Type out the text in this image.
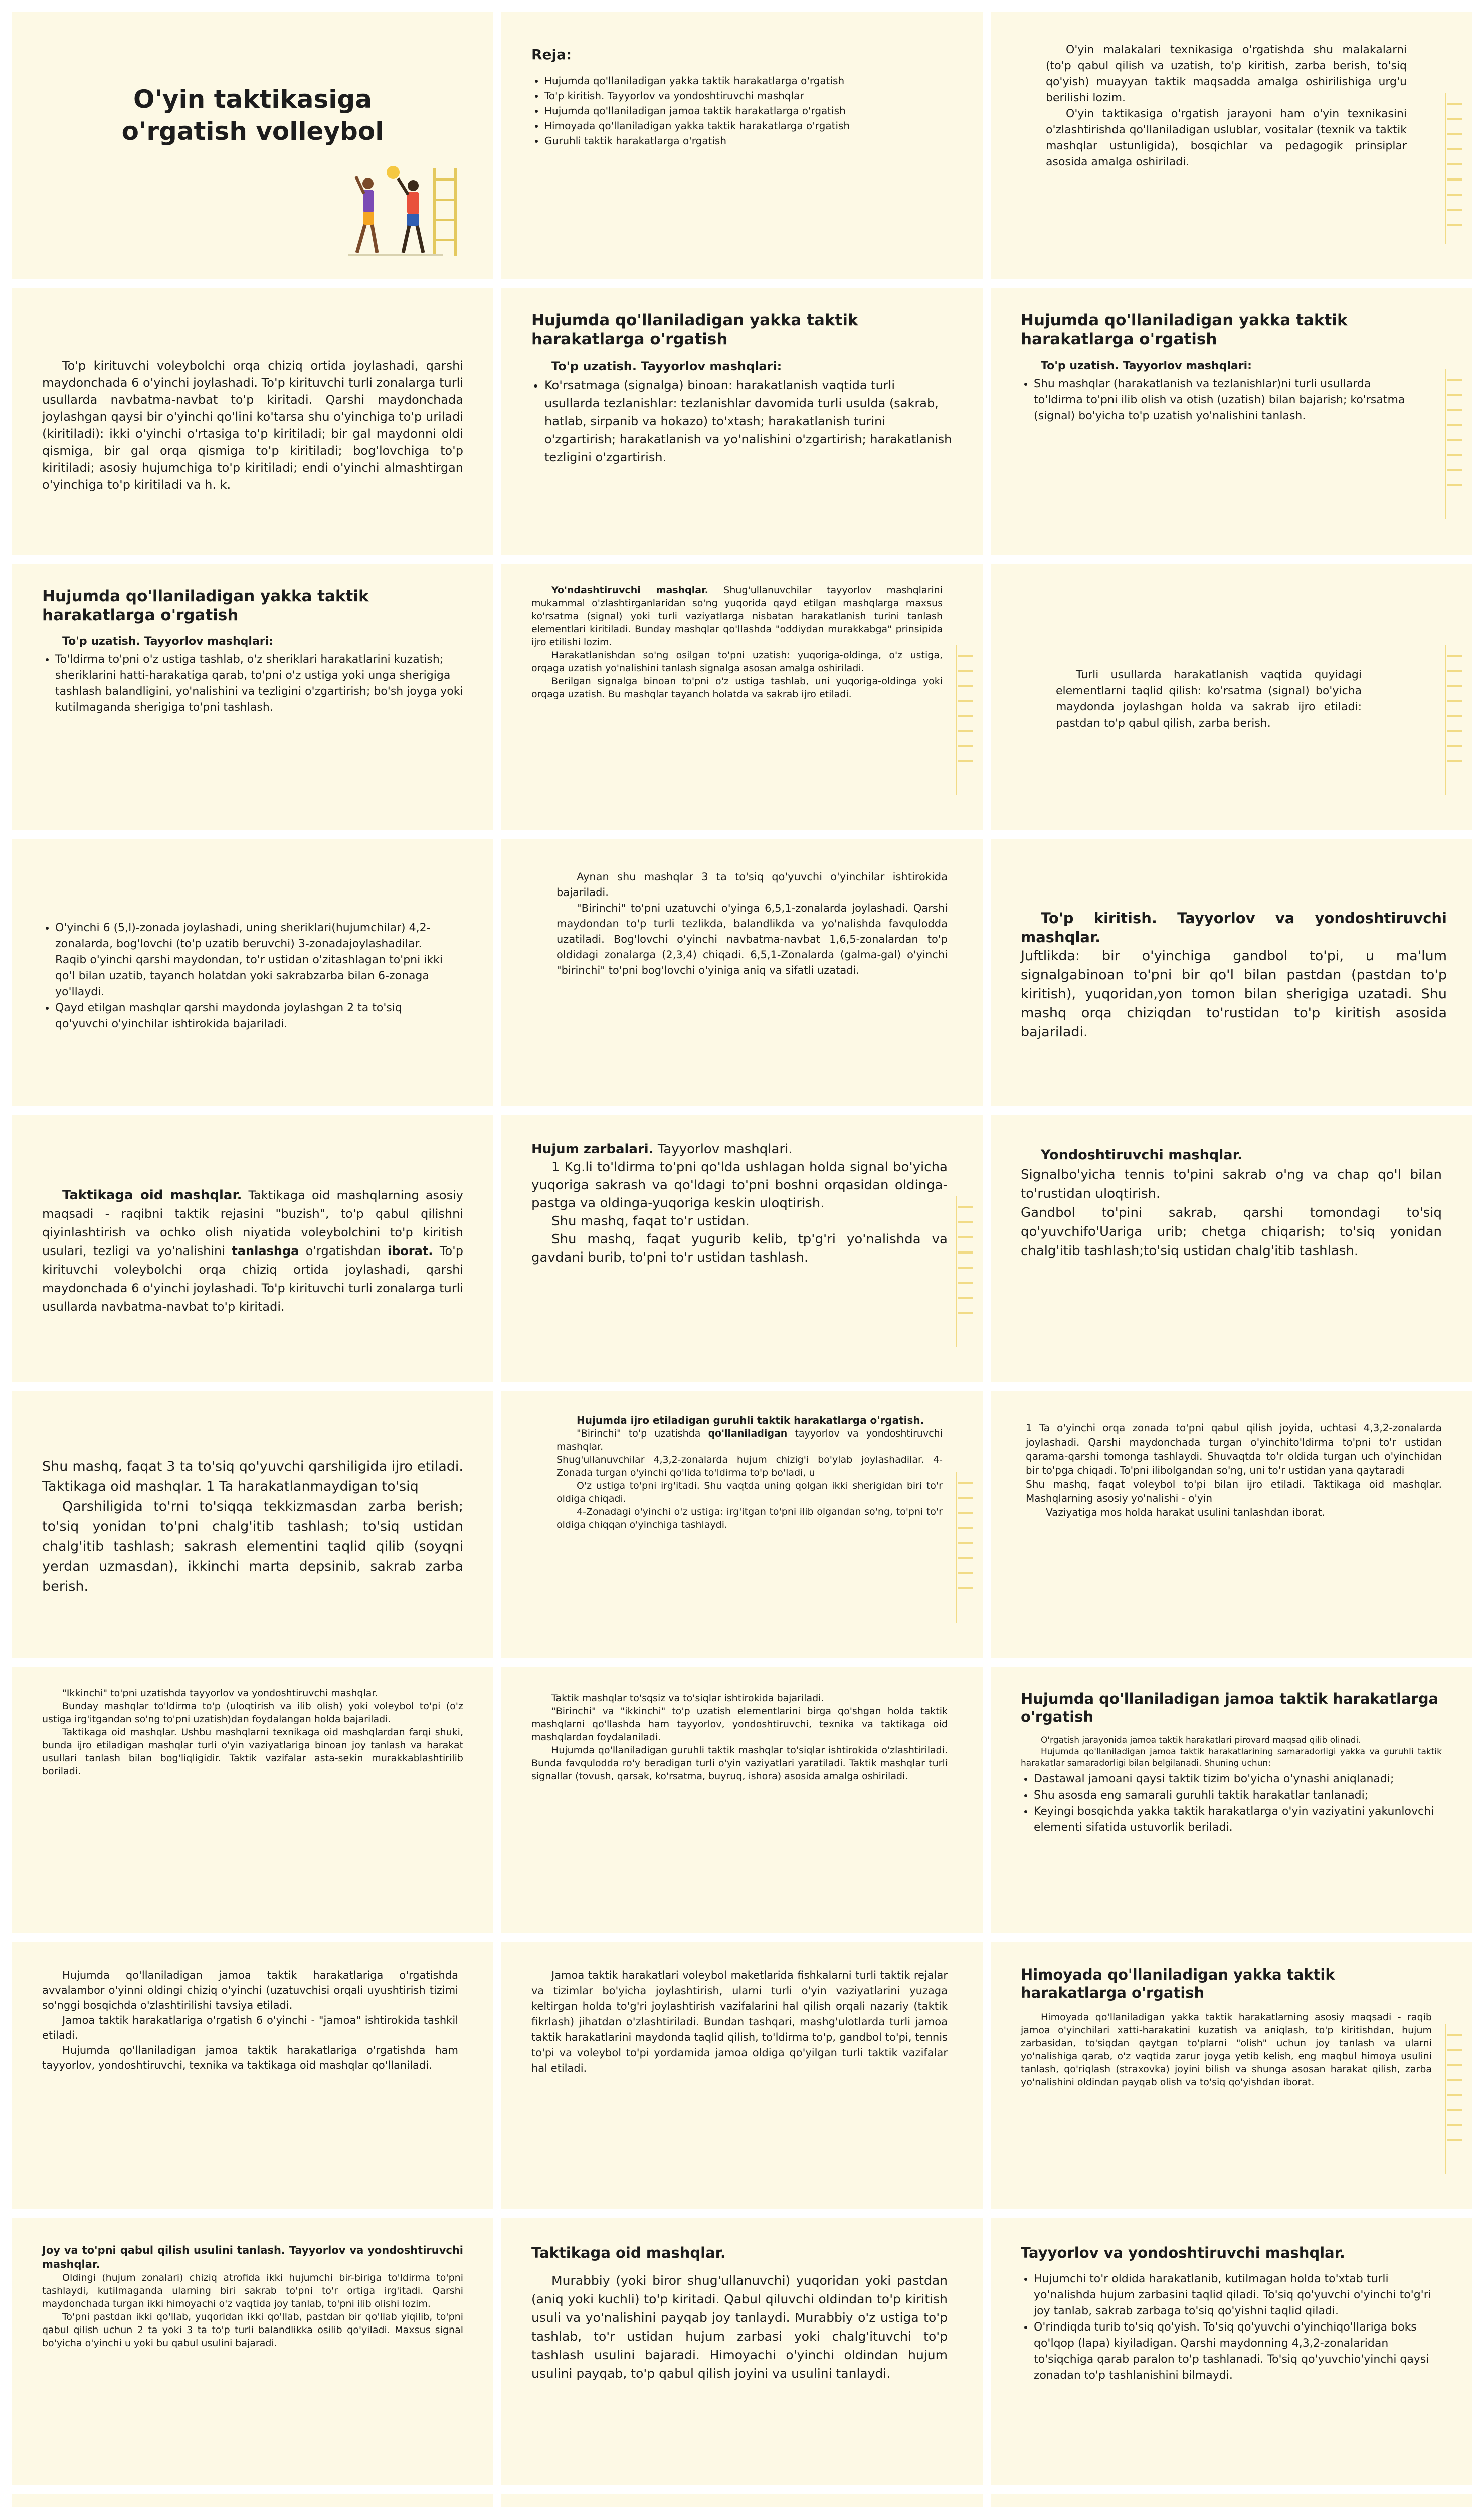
O'yin taktikasiga o'rgatish volleybol
Reja:
• Hujumda qo'llaniladigan yakka taktik harakatlarga o'rgatish
• To'p kiritish. Tayyorlov va yondoshtiruvchi mashqlar
• Hujumda qo'llaniladigan jamoa taktik harakatlarga o'rgatish
• Himoyada qo'llaniladigan yakka taktik harakatlarga o'rgatish
• Guruhli taktik harakatlarga o'rgatish

O'yin malakalari texnikasiga o'rgatishda shu malakalarni (to'p qabul qilish va uzatish, to'p kiritish, zarba berish, to'siq qo'yish) muayyan taktik maqsadda amalga oshirilishiga urg'u berilishi lozim.

O'yin taktikasiga o'rgatish jarayoni ham o'yin texnikasini o'zlashtirishda qo'llaniladigan uslublar, vositalar (texnik va taktik mashqlar ustunligida), bosqichlar va pedagogik prinsiplar asosida amalga oshiriladi.

To'p kirituvchi voleybolchi orqa chiziq ortida joylashadi, qarshi maydonchada 6 o'yinchi joylashadi. To'p kirituvchi turli zonalarga turli usullarda navbatma-navbat to'p kiritadi. Qarshi maydonchada joylashgan qaysi bir o'yinchi qo'lini ko'tarsa shu o'yinchiga to'p uriladi (kiritiladi): ikki o'yinchi o'rtasiga to'p kiritiladi; bir gal maydonni oldi qismiga, bir gal orqa qismiga to'p kiritiladi; bog'lovchiga to'p kiritiladi; asosiy hujumchiga to'p kiritiladi; endi o'yinchi almashtirgan o'yinchiga to'p kiritiladi va h. k.

Hujumda qo'llaniladigan yakka taktik harakatlarga o'rgatish

To'p uzatish. Tayyorlov mashqlari:

• Ko'rsatmaga (signalga) binoan: harakatlanish vaqtida turli usullarda tezlanishlar: tezlanishlar davomida turli usulda (sakrab, hatlab, sirpanib va hokazo) to'xtash; harakatlanish turini o'zgartirish; harakatlanish va yo'nalishini o'zgartirish; harakatlanish tezligini o'zgartirish.
Hujumda qo'llaniladigan yakka taktik harakatlarga o'rgatish

To'p uzatish. Tayyorlov mashqlari:

• Shu mashqlar (harakatlanish va tezlanishlar)ni turli usullarda to'ldirma to'pni ilib olish va otish (uzatish) bilan bajarish; ko'rsatma (signal) bo'yicha to'p uzatish yo'nalishini tanlash.
Hujumda qo'llaniladigan yakka taktik harakatlarga o'rgatish

To'p uzatish. Tayyorlov mashqlari:

• To'ldirma to'pni o'z ustiga tashlab, o'z sheriklari harakatlarini kuzatish; sheriklarini hatti-harakatiga qarab, to'pni o'z ustiga yoki unga sherigiga tashlash balandligini, yo'nalishini va tezligini o'zgartirish; bo'sh joyga yoki kutilmaganda sherigiga to'pni tashlash.

Yo'ndashtiruvchi mashqlar. Shug'ullanuvchilar tayyorlov mashqlarini mukammal o'zlashtirganlaridan so'ng yuqorida qayd etilgan mashqlarga maxsus ko'rsatma (signal) yoki turli vaziyatlarga nisbatan harakatlanish turini tanlash elementlari kiritiladi. Bunday mashqlar qo'llashda "oddiydan murakkabga" prinsipida ijro etilishi lozim.

Harakatlanishdan so'ng osilgan to'pni uzatish: yuqoriga-oldinga, o'z ustiga, orqaga uzatish yo'nalishini tanlash signalga asosan amalga oshiriladi.

Berilgan signalga binoan to'pni o'z ustiga tashlab, uni yuqoriga-oldinga yoki orqaga uzatish. Bu mashqlar tayanch holatda va sakrab ijro etiladi.

Turli usullarda harakatlanish vaqtida quyidagi elementlarni taqlid qilish: ko'rsatma (signal) bo'yicha maydonda joylashgan holda va sakrab ijro etiladi: pastdan to'p qabul qilish, zarba berish.

• O'yinchi 6 (5,l)-zonada joylashadi, uning sheriklari(hujumchilar) 4,2-zonalarda, bog'lovchi (to'p uzatib beruvchi) 3-zonadajoylashadilar. Raqib o'yinchi qarshi maydondan, to'r ustidan o'zitashlagan to'pni ikki qo'l bilan uzatib, tayanch holatdan yoki sakrabzarba bilan 6-zonaga yo'llaydi.
• Qayd etilgan mashqlar qarshi maydonda joylashgan 2 ta to'siq qo'yuvchi o'yinchilar ishtirokida bajariladi.

Aynan shu mashqlar 3 ta to'siq qo'yuvchi o'yinchilar ishtirokida bajariladi.

"Birinchi" to'pni uzatuvchi o'yinga 6,5,1-zonalarda joylashadi. Qarshi maydondan to'p turli tezlikda, balandlikda va yo'nalishda favqulodda uzatiladi. Bog'lovchi o'yinchi navbatma-navbat 1,6,5-zonalardan to'p oldidagi zonalarga (2,3,4) chiqadi. 6,5,1-Zonalarda (galma-gal) o'yinchi "birinchi" to'pni bog'lovchi o'yiniga aniq va sifatli uzatadi.

To'p kiritish. Tayyorlov va yondoshtiruvchi mashqlar.

Juftlikda: bir o'yinchiga gandbol to'pi, u ma'lum signalgabinoan to'pni bir qo'l bilan pastdan (pastdan to'p kiritish), yuqoridan,yon tomon bilan sherigiga uzatadi. Shu mashq orqa chiziqdan to'rustidan to'p kiritish asosida bajariladi.

Taktikaga oid mashqlar. Taktikaga oid mashqlarning asosiy maqsadi - raqibni taktik rejasini "buzish", to'p qabul qilishni qiyinlashtirish va ochko olish niyatida voleybolchini to'p kiritish usulari, tezligi va yo'nalishini tanlashga o'rgatishdan iborat. To'p kirituvchi voleybolchi orqa chiziq ortida joylashadi, qarshi maydonchada 6 o'yinchi joylashadi. To'p kirituvchi turli zonalarga turli usullarda navbatma-navbat to'p kiritadi.

Hujum zarbalari. Tayyorlov mashqlari.

1 Kg.li to'ldirma to'pni qo'lda ushlagan holda signal bo'yicha yuqoriga sakrash va qo'ldagi to'pni boshni orqasidan oldinga-pastga va oldinga-yuqoriga keskin uloqtirish.

Shu mashq, faqat to'r ustidan.

Shu mashq, faqat yugurib kelib, tp'g'ri yo'nalishda va gavdani burib, to'pni to'r ustidan tashlash.

Yondoshtiruvchi mashqlar.

Signalbo'yicha tennis to'pini sakrab o'ng va chap qo'l bilan to'rustidan uloqtirish.

Gandbol to'pini sakrab, qarshi tomondagi to'siq qo'yuvchifo'Uariga urib; chetga chiqarish; to'siq yonidan chalg'itib tashlash;to'siq ustidan chalg'itib tashlash.

Shu mashq, faqat 3 ta to'siq qo'yuvchi qarshiligida ijro etiladi. Taktikaga oid mashqlar. 1 Ta harakatlanmaydigan to'siq

Qarshiligida to'rni to'siqqa tekkizmasdan zarba berish; to'siq yonidan to'pni chalg'itib tashlash; to'siq ustidan chalg'itib tashlash; sakrash elementini taqlid qilib (soyqni yerdan uzmasdan), ikkinchi marta depsinib, sakrab zarba berish.

Hujumda ijro etiladigan guruhli taktik harakatlarga o'rgatish.

"Birinchi" to'p uzatishda qo'llaniladigan tayyorlov va yondoshtiruvchi mashqlar.

Shug'ullanuvchilar 4,3,2-zonalarda hujum chizig'i bo'ylab joylashadilar. 4-Zonada turgan o'yinchi qo'lida to'ldirma to'p bo'ladi, u

O'z ustiga to'pni irg'itadi. Shu vaqtda uning qolgan ikki sherigidan biri to'r oldiga chiqadi.

4-Zonadagi o'yinchi o'z ustiga: irg'itgan to'pni ilib olgandan so'ng, to'pni to'r oldiga chiqqan o'yinchiga tashlaydi.

1 Ta o'yinchi orqa zonada to'pni qabul qilish joyida, uchtasi 4,3,2-zonalarda joylashadi. Qarshi maydonchada turgan o'yinchito'ldirma to'pni to'r ustidan qarama-qarshi tomonga tashlaydi. Shuvaqtda to'r oldida turgan uch o'yinchidan bir to'pga chiqadi. To'pni ilibolgandan so'ng, uni to'r ustidan yana qaytaradi

Shu mashq, faqat voleybol to'pi bilan ijro etiladi. Taktikaga oid mashqlar. Mashqlarning asosiy yo'nalishi - o'yin

Vaziyatiga mos holda harakat usulini tanlashdan iborat.

"Ikkinchi" to'pni uzatishda tayyorlov va yondoshtiruvchi mashqlar.

Bunday mashqlar to'ldirma to'p (uloqtirish va ilib olish) yoki voleybol to'pi (o'z ustiga irg'itgandan so'ng to'pni uzatish)dan foydalangan holda bajariladi.

Taktikaga oid mashqlar. Ushbu mashqlarni texnikaga oid mashqlardan farqi shuki, bunda ijro etiladigan mashqlar turli o'yin vaziyatlariga binoan joy tanlash va harakat usullari tanlash bilan bog'liqligidir. Taktik vazifalar asta-sekin murakkablashtirilib boriladi.

Taktik mashqlar to'sqsiz va to'siqlar ishtirokida bajariladi.

"Birinchi" va "ikkinchi" to'p uzatish elementlarini birga qo'shgan holda taktik mashqlarni qo'llashda ham tayyorlov, yondoshtiruvchi, texnika va taktikaga oid mashqlardan foydalaniladi.

Hujumda qo'llaniladigan guruhli taktik mashqlar to'siqlar ishtirokida o'zlashtiriladi. Bunda favqulodda ro'y beradigan turli o'yin vaziyatlari yaratiladi. Taktik mashqlar turli signallar (tovush, qarsak, ko'rsatma, buyruq, ishora) asosida amalga oshiriladi.

Hujumda qo'llaniladigan jamoa taktik harakatlarga o'rgatish

O'rgatish jarayonida jamoa taktik harakatlari pirovard maqsad qilib olinadi.

Hujumda qo'llaniladigan jamoa taktik harakatlarining samaradorligi yakka va guruhli taktik harakatlar samaradorligi bilan belgilanadi. Shuning uchun:

• Dastawal jamoani qaysi taktik tizim bo'yicha o'ynashi aniqlanadi;
• Shu asosda eng samarali guruhli taktik harakatlar tanlanadi;
• Keyingi bosqichda yakka taktik harakatlarga o'yin vaziyatini yakunlovchi elementi sifatida ustuvorlik beriladi.

Hujumda qo'llaniladigan jamoa taktik harakatlariga o'rgatishda avvalambor o'yinni oldingi chiziq o'yinchi (uzatuvchisi orqali uyushtirish tizimi so'nggi bosqichda o'zlashtirilishi tavsiya etiladi.

Jamoa taktik harakatlariga o'rgatish 6 o'yinchi - "jamoa" ishtirokida tashkil etiladi.

Hujumda qo'llaniladigan jamoa taktik harakatlariga o'rgatishda ham tayyorlov, yondoshtiruvchi, texnika va taktikaga oid mashqlar qo'llaniladi.

Jamoa taktik harakatlari voleybol maketlarida fishkalarni turli taktik rejalar va tizimlar bo'yicha joylashtirish, ularni turli o'yin vaziyatlarini yuzaga keltirgan holda to'g'ri joylashtirish vazifalarini hal qilish orqali nazariy (taktik fikrlash) jihatdan o'zlashtiriladi. Bundan tashqari, mashg'ulotlarda turli jamoa taktik harakatlarini maydonda taqlid qilish, to'ldirma to'p, gandbol to'pi, tennis to'pi va voleybol to'pi yordamida jamoa oldiga qo'yilgan turli taktik vazifalar hal etiladi.

Himoyada qo'llaniladigan yakka taktik harakatlarga o'rgatish

Himoyada qo'llaniladigan yakka taktik harakatlarning asosiy maqsadi - raqib jamoa o'yinchilari xatti-harakatini kuzatish va aniqlash, to'p kiritishdan, hujum zarbasidan, to'siqdan qaytgan to'plarni "olish" uchun joy tanlash va ularni yo'nalishiga qarab, o'z vaqtida zarur joyga yetib kelish, eng maqbul himoya usulini tanlash, qo'riqlash (straxovka) joyini bilish va shunga asosan harakat qilish, zarba yo'nalishini oldindan payqab olish va to'siq qo'yishdan iborat.

Joy va to'pni qabul qilish usulini tanlash. Tayyorlov va yondoshtiruvchi mashqlar.

Oldingi (hujum zonalari) chiziq atrofida ikki hujumchi bir-biriga to'ldirma to'pni tashlaydi, kutilmaganda ularning biri sakrab to'pni to'r ortiga irg'itadi. Qarshi maydonchada turgan ikki himoyachi o'z vaqtida joy tanlab, to'pni ilib olishi lozim.

To'pni pastdan ikki qo'llab, yuqoridan ikki qo'llab, pastdan bir qo'llab yiqilib, to'pni qabul qilish uchun 2 ta yoki 3 ta to'p turli balandlikka osilib qo'yiladi. Maxsus signal bo'yicha o'yinchi u yoki bu qabul usulini bajaradi.

Taktikaga oid mashqlar.

Murabbiy (yoki biror shug'ullanuvchi) yuqoridan yoki pastdan (aniq yoki kuchli) to'p kiritadi. Qabul qiluvchi oldindan to'p kiritish usuli va yo'nalishini payqab joy tanlaydi. Murabbiy o'z ustiga to'p tashlab, to'r ustidan hujum zarbasi yoki chalg'ituvchi to'p tashlash usulini bajaradi. Himoyachi o'yinchi oldindan hujum usulini payqab, to'p qabul qilish joyini va usulini tanlaydi.

Tayyorlov va yondoshtiruvchi mashqlar.
• Hujumchi to'r oldida harakatlanib, kutilmagan holda to'xtab turli yo'nalishda hujum zarbasini taqlid qiladi. To'siq qo'yuvchi o'yinchi to'g'ri joy tanlab, sakrab zarbaga to'siq qo'yishni taqlid qiladi.
• O'rindiqda turib to'siq qo'yish. To'siq qo'yuvchi o'yinchiqo'llariga boks qo'lqop (lapa) kiyiladigan. Qarshi maydonning 4,3,2-zonalaridan to'siqchiga qarab paralon to'p tashlanadi. To'siq qo'yuvchio'yinchi qaysi zonadan to'p tashlanishini bilmaydi.
